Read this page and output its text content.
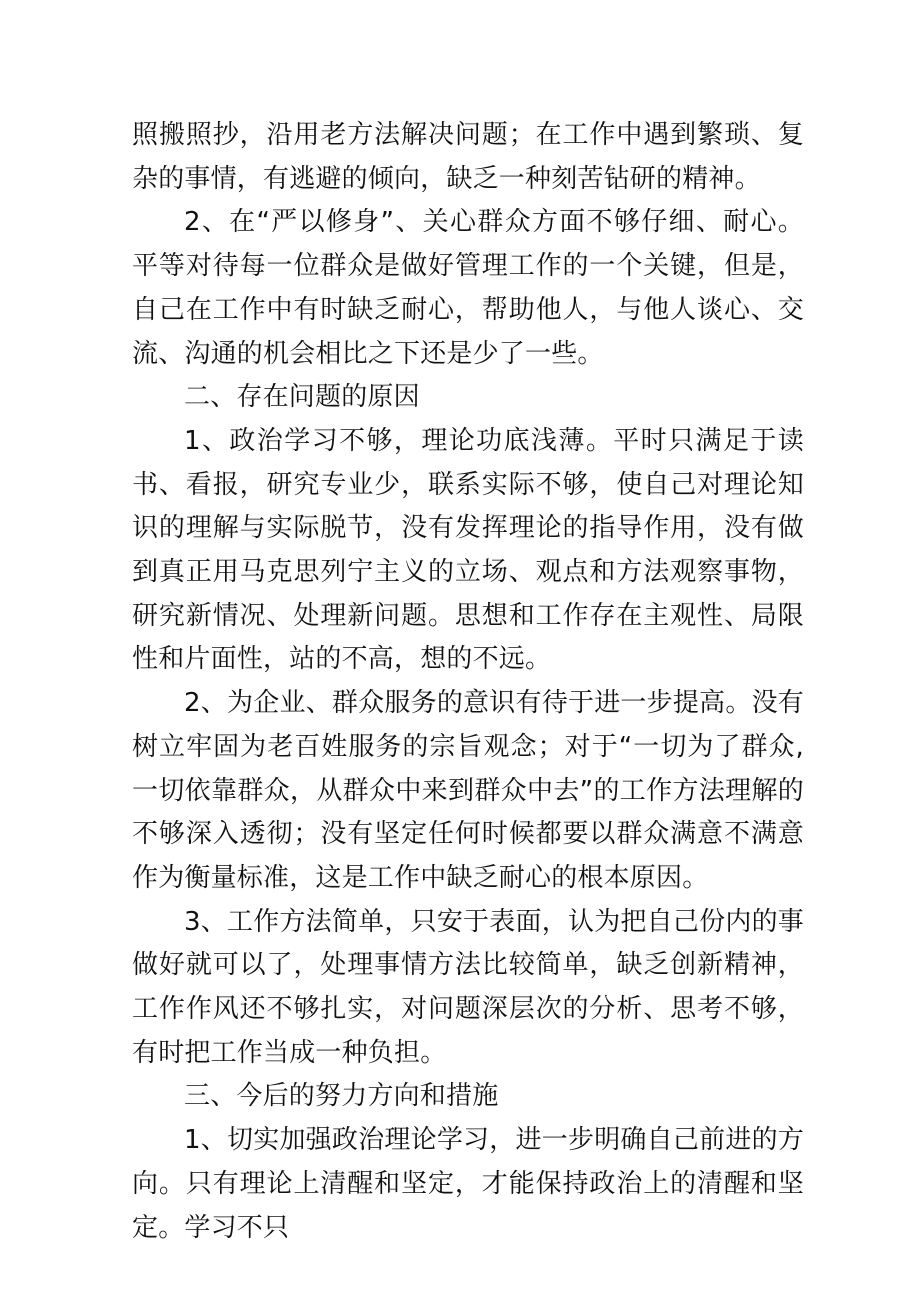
照搬照抄，沿用老方法解决问题；在工作中遇到繁琐、复杂的事情，有逃避的倾向，缺乏一种刻苦钻研的精神。

2、在“严以修身”、关心群众方面不够仔细、耐心。平等对待每一位群众是做好管理工作的一个关键，但是，自己在工作中有时缺乏耐心，帮助他人，与他人谈心、交流、沟通的机会相比之下还是少了一些。

二、存在问题的原因

1、政治学习不够，理论功底浅薄。平时只满足于读书、看报，研究专业少，联系实际不够，使自己对理论知识的理解与实际脱节，没有发挥理论的指导作用，没有做到真正用马克思列宁主义的立场、观点和方法观察事物，研究新情况、处理新问题。思想和工作存在主观性、局限性和片面性，站的不高，想的不远。

2、为企业、群众服务的意识有待于进一步提高。没有树立牢固为老百姓服务的宗旨观念；对于“一切为了群众,一切依靠群众，从群众中来到群众中去”的工作方法理解的不够深入透彻；没有坚定任何时候都要以群众满意不满意作为衡量标准，这是工作中缺乏耐心的根本原因。

3、工作方法简单，只安于表面，认为把自己份内的事做好就可以了，处理事情方法比较简单，缺乏创新精神，工作作风还不够扎实，对问题深层次的分析、思考不够，有时把工作当成一种负担。

三、今后的努力方向和措施

1、切实加强政治理论学习，进一步明确自己前进的方向。只有理论上清醒和坚定，才能保持政治上的清醒和坚定。学习不只
